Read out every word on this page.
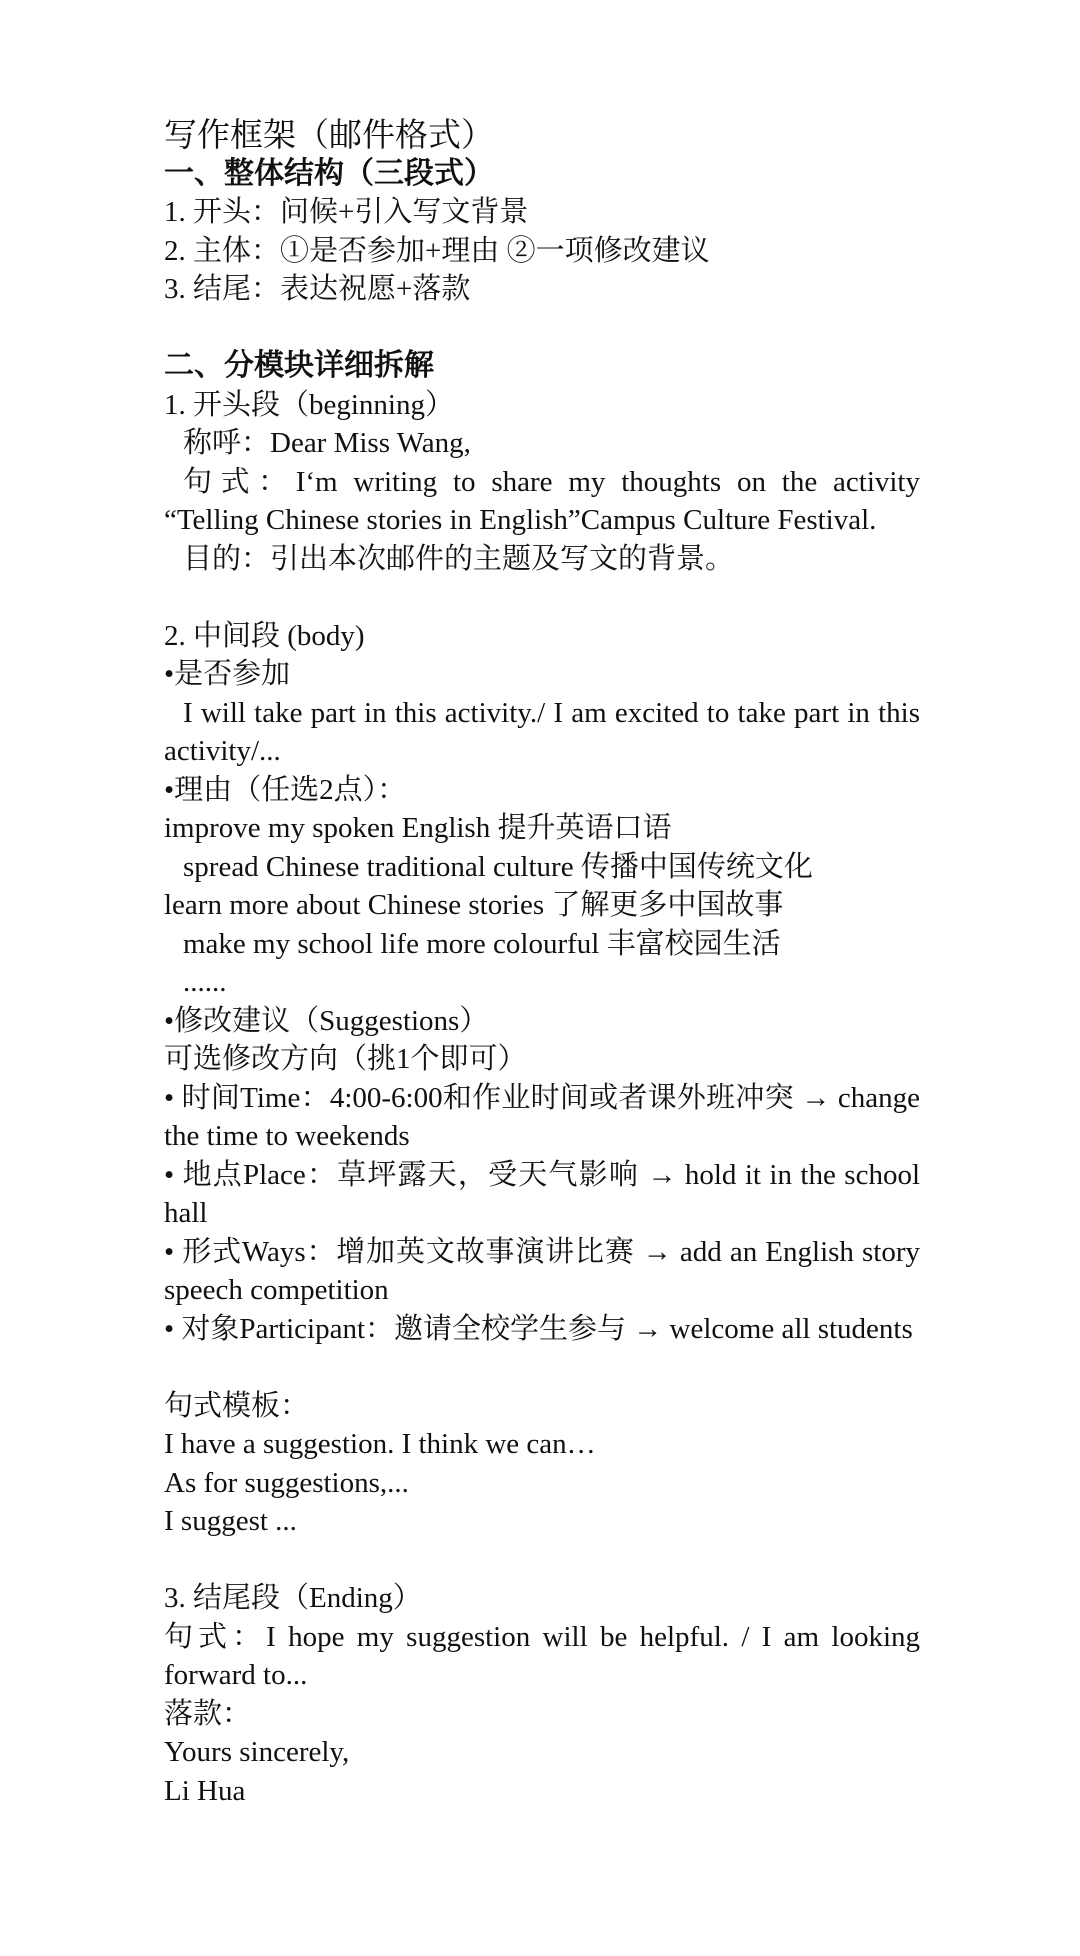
写作框架（邮件格式）
一、整体结构（三段式）
1. 开头：问候+引入写文背景
2. 主体：①是否参加+理由 ②一项修改建议
3. 结尾：表达祝愿+落款
二、分模块详细拆解
1. 开头段（beginning）
称呼：Dear Miss Wang,
句式：I‘m writing to share my thoughts on the activity “Telling Chinese stories in English”Campus Culture Festival.
目的：引出本次邮件的主题及写文的背景。
2. 中间段 (body)
•是否参加
I will take part in this activity./ I am excited to take part in this activity/...
•理由（任选2点）：
improve my spoken English 提升英语口语
spread Chinese traditional culture 传播中国传统文化
learn more about Chinese stories 了解更多中国故事
make my school life more colourful 丰富校园生活
......
•修改建议（Suggestions）
可选修改方向（挑1个即可）
• 时间Time：4:00-6:00和作业时间或者课外班冲突 → change the time to weekends
• 地点Place：草坪露天，受天气影响 → hold it in the school hall
• 形式Ways：增加英文故事演讲比赛 → add an English story speech competition
• 对象Participant：邀请全校学生参与 → welcome all students
句式模板：
I have a suggestion. I think we can…
As for suggestions,...
I suggest ...
3. 结尾段（Ending）
句式：I hope my suggestion will be helpful. / I am looking forward to...
落款：
Yours sincerely,
Li Hua
